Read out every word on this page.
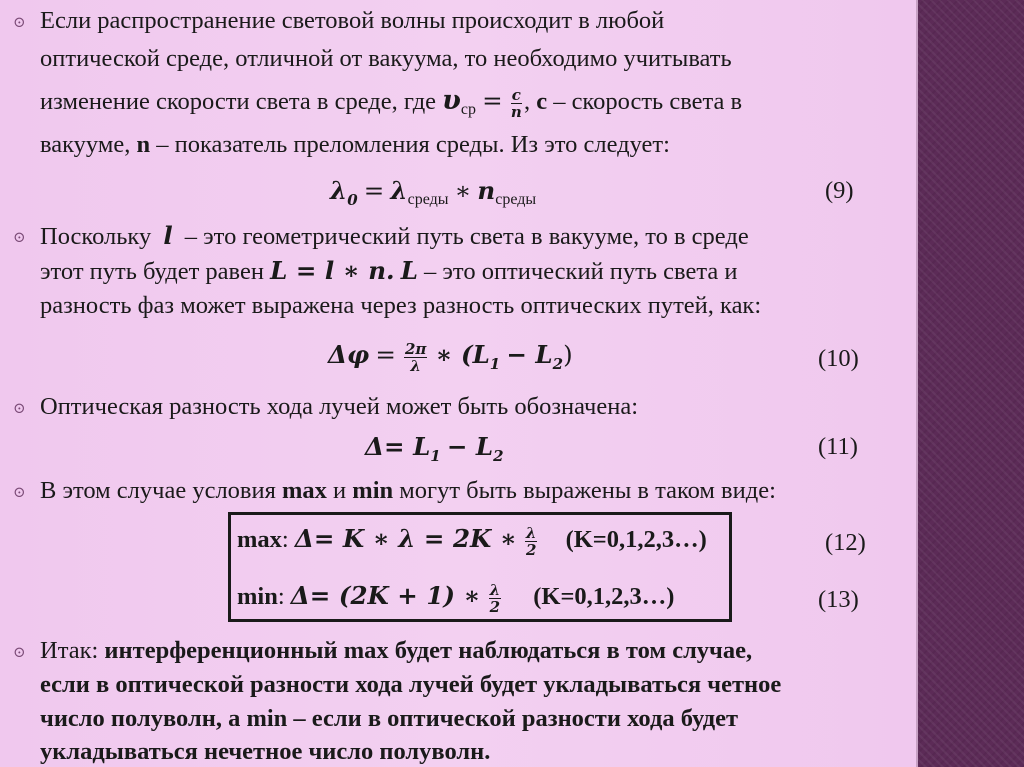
⊙ Если распространение световой волны происходит в любой
оптической среде, отличной от вакуума, то необходимо учитывать
изменение скорости света в среде, где $\upsilon_{ср} = \frac{c}{n}$ , c – скорость света в
вакууме, n – показатель преломления среды. Из это следует:
$\lambda_0 = \lambda_{среды}$ ∗ $n_{среды}$	(9)
⊙ Поскольку l – это геометрический путь света в вакууме, то в среде
этот путь будет равен L = l ∗ n. L – это оптический путь света и
разность фаз может выражена через разность оптических путей, как:
$\Delta\varphi = \frac{2\pi}{\lambda}$ ∗ $(L_1 - L_2)$	(10)
⊙ Оптическая разность хода лучей может быть обозначена:
$\Delta= L_1 - L_2$	(11)
⊙ В этом случае условия max и min могут быть выражены в таком виде:
max: Δ= K ∗ λ = 2K ∗ $\frac{\lambda}{2}$ (K=0,1,2,3…)	(12)
min: Δ= (2K + 1) ∗ $\frac{\lambda}{2}$ (K=0,1,2,3…)	(13)
⊙ Итак: интерференционный max будет наблюдаться в том случае,
если в оптической разности хода лучей будет укладываться четное
число полуволн, а min – если в оптической разности хода будет
укладываться нечетное число полуволн.
